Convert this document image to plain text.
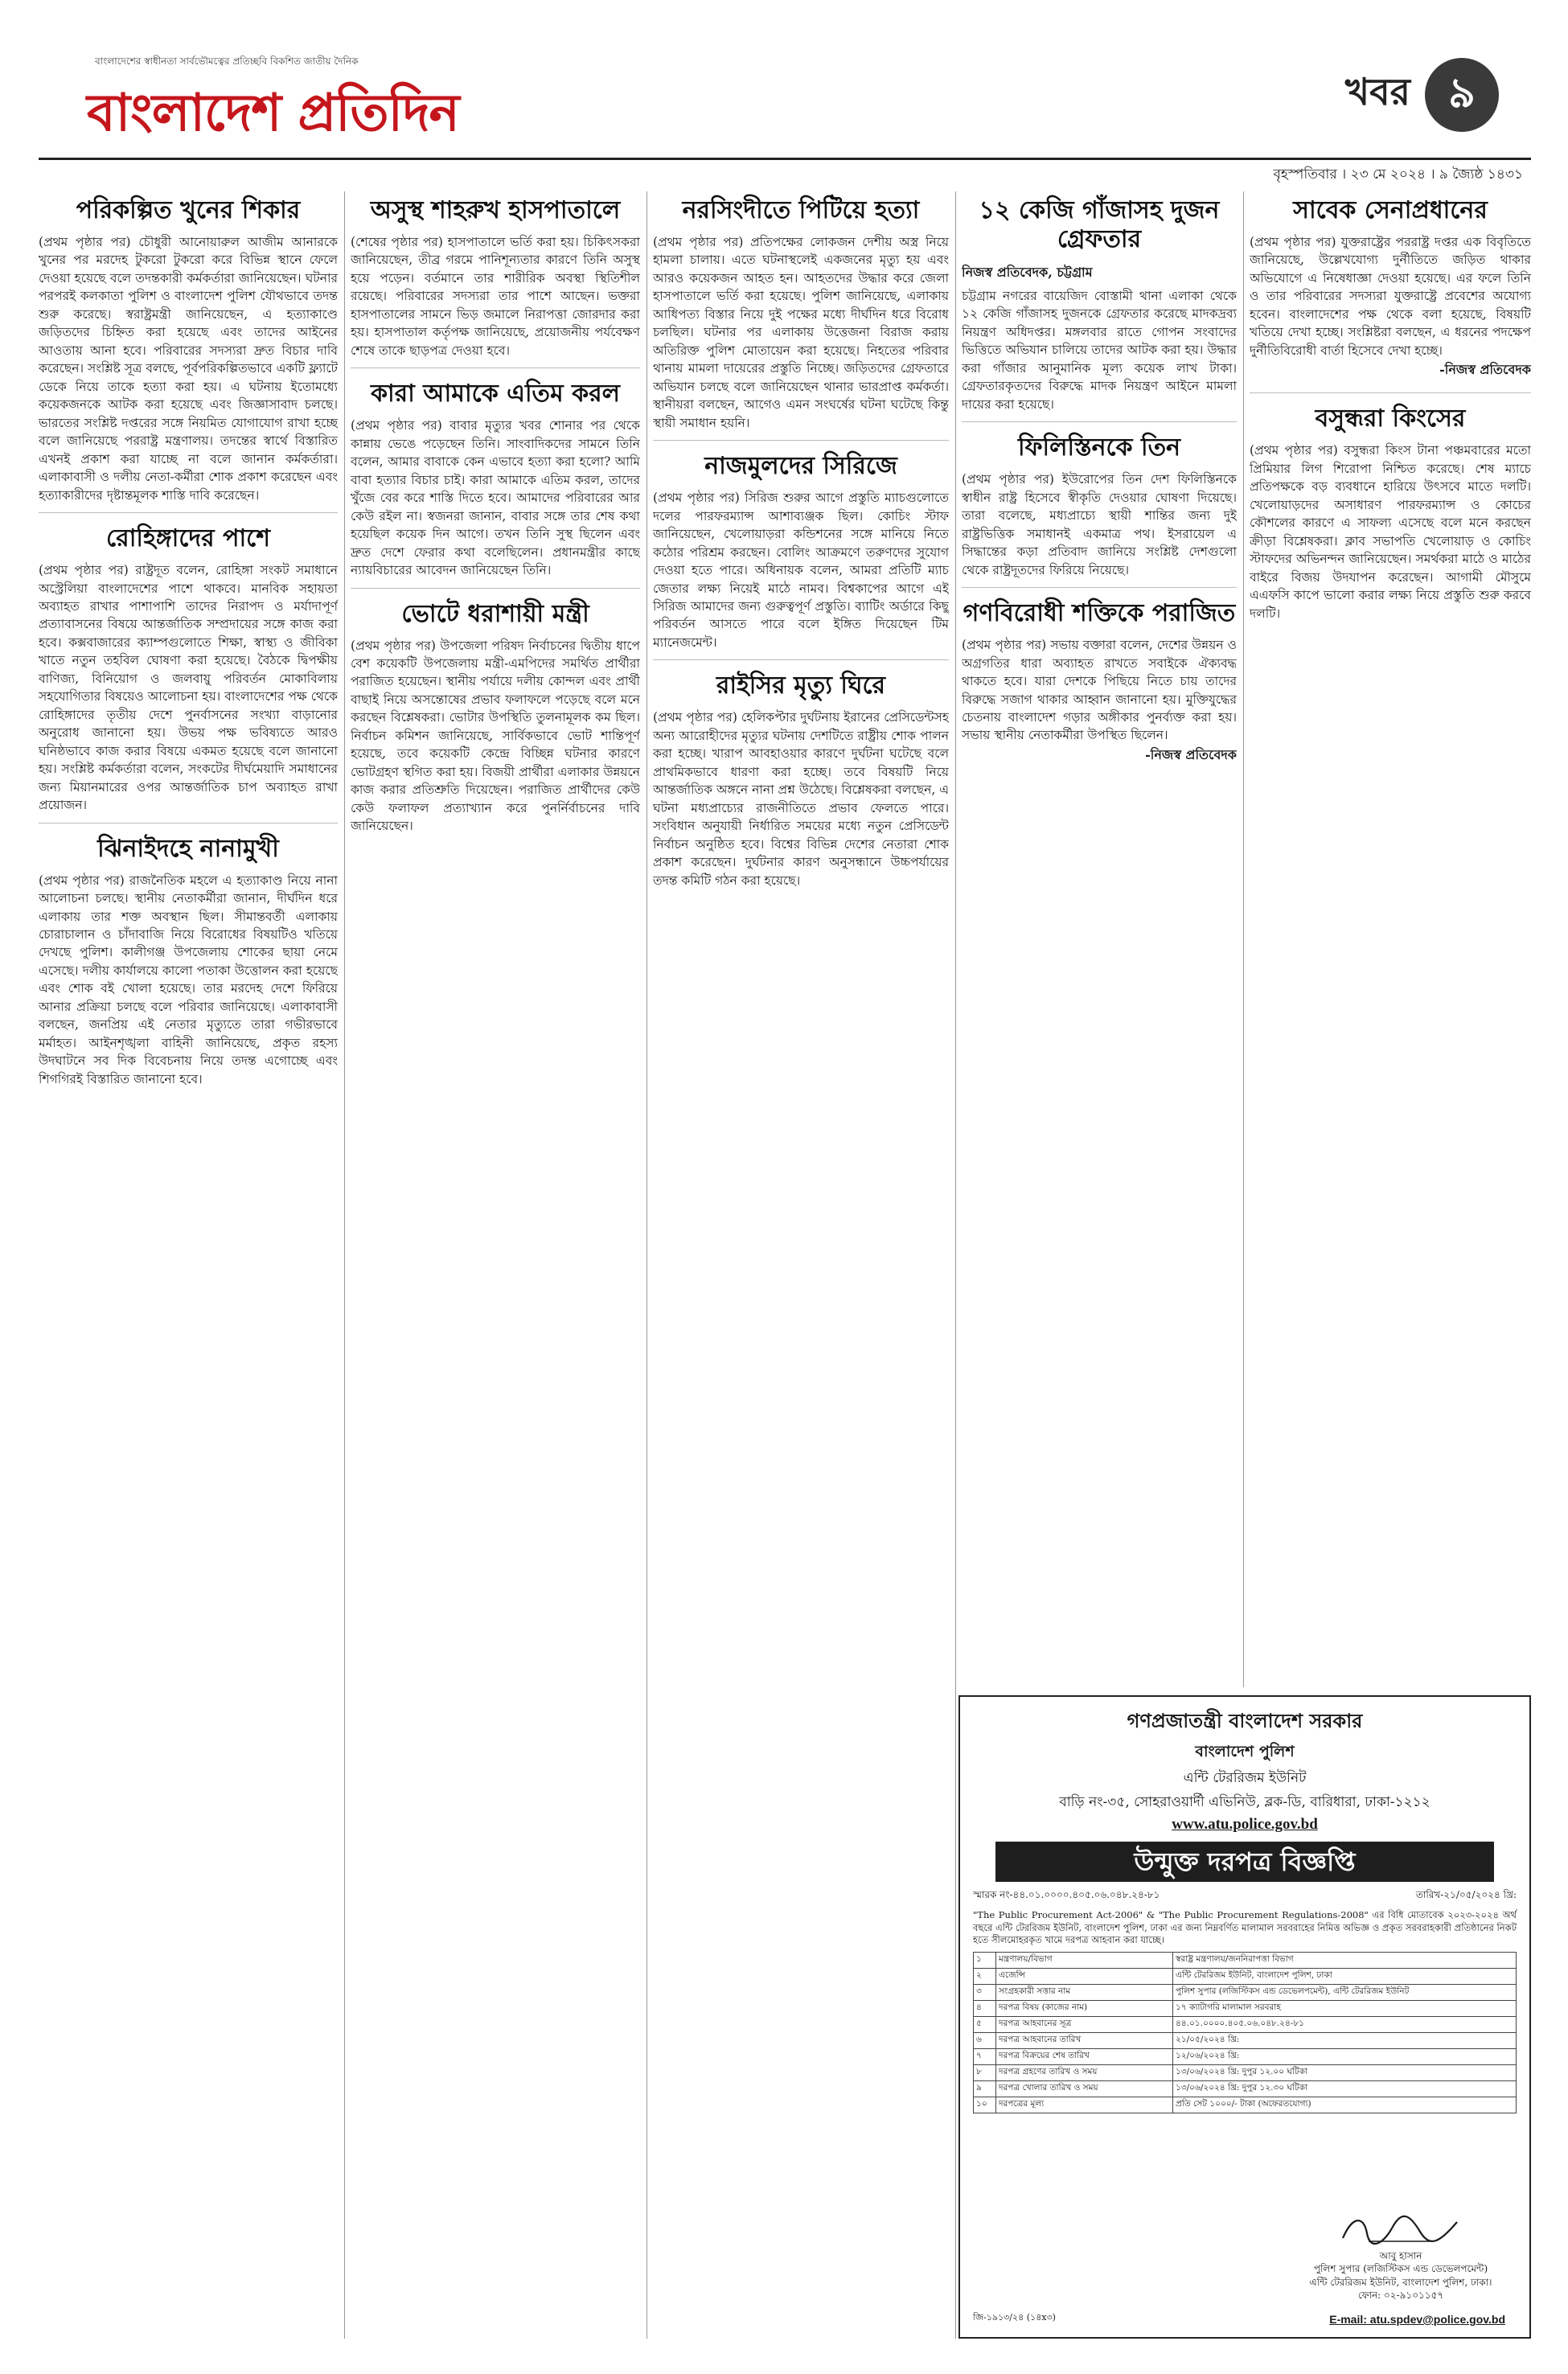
বাংলাদেশের স্বাধীনতা সার্বভৌমত্বের প্রতিচ্ছবি বিকশিত জাতীয় দৈনিক
বাংলাদেশ প্রতিদিন	খবর ৯
বৃহস্পতিবার । ২৩ মে ২০২৪ । ৯ জ্যৈষ্ঠ ১৪৩১
পরিকল্পিত খুনের শিকার
(প্রথম পৃষ্ঠার পর) চৌধুরী আনোয়ারুল আজীম আনারকে খুনের পর মরদেহ টুকরো টুকরো করে বিভিন্ন স্থানে ফেলে দেওয়া হয়েছে বলে তদন্তকারী কর্মকর্তারা জানিয়েছেন। ঘটনার পরপরই কলকাতা পুলিশ ও বাংলাদেশ পুলিশ যৌথভাবে তদন্ত শুরু করেছে। স্বরাষ্ট্রমন্ত্রী জানিয়েছেন, এ হত্যাকাণ্ডে জড়িতদের চিহ্নিত করা হয়েছে এবং তাদের আইনের আওতায় আনা হবে। পরিবারের সদস্যরা দ্রুত বিচার দাবি করেছেন। সংশ্লিষ্ট সূত্র বলছে, পূর্বপরিকল্পিতভাবে একটি ফ্ল্যাটে ডেকে নিয়ে তাকে হত্যা করা হয়। এ ঘটনায় ইতোমধ্যে কয়েকজনকে আটক করা হয়েছে এবং জিজ্ঞাসাবাদ চলছে। ভারতের সংশ্লিষ্ট দপ্তরের সঙ্গে নিয়মিত যোগাযোগ রাখা হচ্ছে বলে জানিয়েছে পররাষ্ট্র মন্ত্রণালয়। তদন্তের স্বার্থে বিস্তারিত এখনই প্রকাশ করা যাচ্ছে না বলে জানান কর্মকর্তারা। এলাকাবাসী ও দলীয় নেতা-কর্মীরা শোক প্রকাশ করেছেন এবং হত্যাকারীদের দৃষ্টান্তমূলক শাস্তি দাবি করেছেন।
রোহিঙ্গাদের পাশে
(প্রথম পৃষ্ঠার পর) রাষ্ট্রদূত বলেন, রোহিঙ্গা সংকট সমাধানে অস্ট্রেলিয়া বাংলাদেশের পাশে থাকবে। মানবিক সহায়তা অব্যাহত রাখার পাশাপাশি তাদের নিরাপদ ও মর্যাদাপূর্ণ প্রত্যাবাসনের বিষয়ে আন্তর্জাতিক সম্প্রদায়ের সঙ্গে কাজ করা হবে। কক্সবাজারের ক্যাম্পগুলোতে শিক্ষা, স্বাস্থ্য ও জীবিকা খাতে নতুন তহবিল ঘোষণা করা হয়েছে। বৈঠকে দ্বিপক্ষীয় বাণিজ্য, বিনিয়োগ ও জলবায়ু পরিবর্তন মোকাবিলায় সহযোগিতার বিষয়েও আলোচনা হয়। বাংলাদেশের পক্ষ থেকে রোহিঙ্গাদের তৃতীয় দেশে পুনর্বাসনের সংখ্যা বাড়ানোর অনুরোধ জানানো হয়। উভয় পক্ষ ভবিষ্যতে আরও ঘনিষ্ঠভাবে কাজ করার বিষয়ে একমত হয়েছে বলে জানানো হয়। সংশ্লিষ্ট কর্মকর্তারা বলেন, সংকটের দীর্ঘমেয়াদি সমাধানের জন্য মিয়ানমারের ওপর আন্তর্জাতিক চাপ অব্যাহত রাখা প্রয়োজন।
ঝিনাইদহে নানামুখী
(প্রথম পৃষ্ঠার পর) রাজনৈতিক মহলে এ হত্যাকাণ্ড নিয়ে নানা আলোচনা চলছে। স্থানীয় নেতাকর্মীরা জানান, দীর্ঘদিন ধরে এলাকায় তার শক্ত অবস্থান ছিল। সীমান্তবর্তী এলাকায় চোরাচালান ও চাঁদাবাজি নিয়ে বিরোধের বিষয়টিও খতিয়ে দেখছে পুলিশ। কালীগঞ্জ উপজেলায় শোকের ছায়া নেমে এসেছে। দলীয় কার্যালয়ে কালো পতাকা উত্তোলন করা হয়েছে এবং শোক বই খোলা হয়েছে। তার মরদেহ দেশে ফিরিয়ে আনার প্রক্রিয়া চলছে বলে পরিবার জানিয়েছে। এলাকাবাসী বলছেন, জনপ্রিয় এই নেতার মৃত্যুতে তারা গভীরভাবে মর্মাহত। আইনশৃঙ্খলা বাহিনী জানিয়েছে, প্রকৃত রহস্য উদঘাটনে সব দিক বিবেচনায় নিয়ে তদন্ত এগোচ্ছে এবং শিগগিরই বিস্তারিত জানানো হবে।
অসুস্থ শাহরুখ হাসপাতালে
(শেষের পৃষ্ঠার পর) হাসপাতালে ভর্তি করা হয়। চিকিৎসকরা জানিয়েছেন, তীব্র গরমে পানিশূন্যতার কারণে তিনি অসুস্থ হয়ে পড়েন। বর্তমানে তার শারীরিক অবস্থা স্থিতিশীল রয়েছে। পরিবারের সদস্যরা তার পাশে আছেন। ভক্তরা হাসপাতালের সামনে ভিড় জমালে নিরাপত্তা জোরদার করা হয়। হাসপাতাল কর্তৃপক্ষ জানিয়েছে, প্রয়োজনীয় পর্যবেক্ষণ শেষে তাকে ছাড়পত্র দেওয়া হবে।
কারা আমাকে এতিম করল
(প্রথম পৃষ্ঠার পর) বাবার মৃত্যুর খবর শোনার পর থেকে কান্নায় ভেঙে পড়েছেন তিনি। সাংবাদিকদের সামনে তিনি বলেন, আমার বাবাকে কেন এভাবে হত্যা করা হলো? আমি বাবা হত্যার বিচার চাই। কারা আমাকে এতিম করল, তাদের খুঁজে বের করে শাস্তি দিতে হবে। আমাদের পরিবারের আর কেউ রইল না। স্বজনরা জানান, বাবার সঙ্গে তার শেষ কথা হয়েছিল কয়েক দিন আগে। তখন তিনি সুস্থ ছিলেন এবং দ্রুত দেশে ফেরার কথা বলেছিলেন। প্রধানমন্ত্রীর কাছে ন্যায়বিচারের আবেদন জানিয়েছেন তিনি।
ভোটে ধরাশায়ী মন্ত্রী
(প্রথম পৃষ্ঠার পর) উপজেলা পরিষদ নির্বাচনের দ্বিতীয় ধাপে বেশ কয়েকটি উপজেলায় মন্ত্রী-এমপিদের সমর্থিত প্রার্থীরা পরাজিত হয়েছেন। স্থানীয় পর্যায়ে দলীয় কোন্দল এবং প্রার্থী বাছাই নিয়ে অসন্তোষের প্রভাব ফলাফলে পড়েছে বলে মনে করছেন বিশ্লেষকরা। ভোটার উপস্থিতি তুলনামূলক কম ছিল। নির্বাচন কমিশন জানিয়েছে, সার্বিকভাবে ভোট শান্তিপূর্ণ হয়েছে, তবে কয়েকটি কেন্দ্রে বিচ্ছিন্ন ঘটনার কারণে ভোটগ্রহণ স্থগিত করা হয়। বিজয়ী প্রার্থীরা এলাকার উন্নয়নে কাজ করার প্রতিশ্রুতি দিয়েছেন। পরাজিত প্রার্থীদের কেউ কেউ ফলাফল প্রত্যাখ্যান করে পুনর্নির্বাচনের দাবি জানিয়েছেন।
নরসিংদীতে পিটিয়ে হত্যা
(প্রথম পৃষ্ঠার পর) প্রতিপক্ষের লোকজন দেশীয় অস্ত্র নিয়ে হামলা চালায়। এতে ঘটনাস্থলেই একজনের মৃত্যু হয় এবং আরও কয়েকজন আহত হন। আহতদের উদ্ধার করে জেলা হাসপাতালে ভর্তি করা হয়েছে। পুলিশ জানিয়েছে, এলাকায় আধিপত্য বিস্তার নিয়ে দুই পক্ষের মধ্যে দীর্ঘদিন ধরে বিরোধ চলছিল। ঘটনার পর এলাকায় উত্তেজনা বিরাজ করায় অতিরিক্ত পুলিশ মোতায়েন করা হয়েছে। নিহতের পরিবার থানায় মামলা দায়েরের প্রস্তুতি নিচ্ছে। জড়িতদের গ্রেফতারে অভিযান চলছে বলে জানিয়েছেন থানার ভারপ্রাপ্ত কর্মকর্তা। স্থানীয়রা বলছেন, আগেও এমন সংঘর্ষের ঘটনা ঘটেছে কিন্তু স্থায়ী সমাধান হয়নি।
নাজমুলদের সিরিজে
(প্রথম পৃষ্ঠার পর) সিরিজ শুরুর আগে প্রস্তুতি ম্যাচগুলোতে দলের পারফরম্যান্স আশাব্যঞ্জক ছিল। কোচিং স্টাফ জানিয়েছেন, খেলোয়াড়রা কন্ডিশনের সঙ্গে মানিয়ে নিতে কঠোর পরিশ্রম করছেন। বোলিং আক্রমণে তরুণদের সুযোগ দেওয়া হতে পারে। অধিনায়ক বলেন, আমরা প্রতিটি ম্যাচ জেতার লক্ষ্য নিয়েই মাঠে নামব। বিশ্বকাপের আগে এই সিরিজ আমাদের জন্য গুরুত্বপূর্ণ প্রস্তুতি। ব্যাটিং অর্ডারে কিছু পরিবর্তন আসতে পারে বলে ইঙ্গিত দিয়েছেন টিম ম্যানেজমেন্ট।
রাইসির মৃত্যু ঘিরে
(প্রথম পৃষ্ঠার পর) হেলিকপ্টার দুর্ঘটনায় ইরানের প্রেসিডেন্টসহ অন্য আরোহীদের মৃত্যুর ঘটনায় দেশটিতে রাষ্ট্রীয় শোক পালন করা হচ্ছে। খারাপ আবহাওয়ার কারণে দুর্ঘটনা ঘটেছে বলে প্রাথমিকভাবে ধারণা করা হচ্ছে। তবে বিষয়টি নিয়ে আন্তর্জাতিক অঙ্গনে নানা প্রশ্ন উঠেছে। বিশ্লেষকরা বলছেন, এ ঘটনা মধ্যপ্রাচ্যের রাজনীতিতে প্রভাব ফেলতে পারে। সংবিধান অনুযায়ী নির্ধারিত সময়ের মধ্যে নতুন প্রেসিডেন্ট নির্বাচন অনুষ্ঠিত হবে। বিশ্বের বিভিন্ন দেশের নেতারা শোক প্রকাশ করেছেন। দুর্ঘটনার কারণ অনুসন্ধানে উচ্চপর্যায়ের তদন্ত কমিটি গঠন করা হয়েছে।
১২ কেজি গাঁজাসহ দুজন গ্রেফতার
নিজস্ব প্রতিবেদক, চট্টগ্রাম
চট্টগ্রাম নগরের বায়েজিদ বোস্তামী থানা এলাকা থেকে ১২ কেজি গাঁজাসহ দুজনকে গ্রেফতার করেছে মাদকদ্রব্য নিয়ন্ত্রণ অধিদপ্তর। মঙ্গলবার রাতে গোপন সংবাদের ভিত্তিতে অভিযান চালিয়ে তাদের আটক করা হয়। উদ্ধার করা গাঁজার আনুমানিক মূল্য কয়েক লাখ টাকা। গ্রেফতারকৃতদের বিরুদ্ধে মাদক নিয়ন্ত্রণ আইনে মামলা দায়ের করা হয়েছে।
ফিলিস্তিনকে তিন
(প্রথম পৃষ্ঠার পর) ইউরোপের তিন দেশ ফিলিস্তিনকে স্বাধীন রাষ্ট্র হিসেবে স্বীকৃতি দেওয়ার ঘোষণা দিয়েছে। তারা বলেছে, মধ্যপ্রাচ্যে স্থায়ী শান্তির জন্য দুই রাষ্ট্রভিত্তিক সমাধানই একমাত্র পথ। ইসরায়েল এ সিদ্ধান্তের কড়া প্রতিবাদ জানিয়ে সংশ্লিষ্ট দেশগুলো থেকে রাষ্ট্রদূতদের ফিরিয়ে নিয়েছে।
গণবিরোধী শক্তিকে পরাজিত
(প্রথম পৃষ্ঠার পর) সভায় বক্তারা বলেন, দেশের উন্নয়ন ও অগ্রগতির ধারা অব্যাহত রাখতে সবাইকে ঐক্যবদ্ধ থাকতে হবে। যারা দেশকে পিছিয়ে নিতে চায় তাদের বিরুদ্ধে সজাগ থাকার আহ্বান জানানো হয়। মুক্তিযুদ্ধের চেতনায় বাংলাদেশ গড়ার অঙ্গীকার পুনর্ব্যক্ত করা হয়। সভায় স্থানীয় নেতাকর্মীরা উপস্থিত ছিলেন।
-নিজস্ব প্রতিবেদক
সাবেক সেনাপ্রধানের
(প্রথম পৃষ্ঠার পর) যুক্তরাষ্ট্রের পররাষ্ট্র দপ্তর এক বিবৃতিতে জানিয়েছে, উল্লেখযোগ্য দুর্নীতিতে জড়িত থাকার অভিযোগে এ নিষেধাজ্ঞা দেওয়া হয়েছে। এর ফলে তিনি ও তার পরিবারের সদস্যরা যুক্তরাষ্ট্রে প্রবেশের অযোগ্য হবেন। বাংলাদেশের পক্ষ থেকে বলা হয়েছে, বিষয়টি খতিয়ে দেখা হচ্ছে। সংশ্লিষ্টরা বলছেন, এ ধরনের পদক্ষেপ দুর্নীতিবিরোধী বার্তা হিসেবে দেখা হচ্ছে।
-নিজস্ব প্রতিবেদক
বসুন্ধরা কিংসের
(প্রথম পৃষ্ঠার পর) বসুন্ধরা কিংস টানা পঞ্চমবারের মতো প্রিমিয়ার লিগ শিরোপা নিশ্চিত করেছে। শেষ ম্যাচে প্রতিপক্ষকে বড় ব্যবধানে হারিয়ে উৎসবে মাতে দলটি। খেলোয়াড়দের অসাধারণ পারফরম্যান্স ও কোচের কৌশলের কারণে এ সাফল্য এসেছে বলে মনে করছেন ক্রীড়া বিশ্লেষকরা। ক্লাব সভাপতি খেলোয়াড় ও কোচিং স্টাফদের অভিনন্দন জানিয়েছেন। সমর্থকরা মাঠে ও মাঠের বাইরে বিজয় উদযাপন করেছেন। আগামী মৌসুমে এএফসি কাপে ভালো করার লক্ষ্য নিয়ে প্রস্তুতি শুরু করবে দলটি।
গণপ্রজাতন্ত্রী বাংলাদেশ সরকার
বাংলাদেশ পুলিশ
এন্টি টেররিজম ইউনিট
বাড়ি নং-৩৫, সোহরাওয়ার্দী এভিনিউ, ব্লক-ডি, বারিধারা, ঢাকা-১২১২
www.atu.police.gov.bd
উন্মুক্ত দরপত্র বিজ্ঞপ্তি
স্মারক নং-৪৪.০১.০০০০.৪০৫.০৬.০৪৮.২৪-৮১	তারিখ-২১/০৫/২০২৪ খ্রি:
"The Public Procurement Act-2006" & "The Public Procurement Regulations-2008" এর বিধি মোতাবেক ২০২৩-২০২৪ অর্থ বছরে এন্টি টেররিজম ইউনিট, বাংলাদেশ পুলিশ, ঢাকা এর জন্য নিম্নবর্ণিত মালামাল সরবরাহের নিমিত্ত অভিজ্ঞ ও প্রকৃত সরবরাহকারী প্রতিষ্ঠানের নিকট হতে সীলমোহরকৃত খামে দরপত্র আহবান করা যাচ্ছে।
১	মন্ত্রণালয়/বিভাগ	স্বরাষ্ট্র মন্ত্রণালয়/জননিরাপত্তা বিভাগ
২	এজেন্সি	এন্টি টেররিজম ইউনিট, বাংলাদেশ পুলিশ, ঢাকা
৩	সংগ্রহকারী সত্তার নাম	পুলিশ সুপার (লজিস্টিকস এন্ড ডেভেলপমেন্ট), এন্টি টেররিজম ইউনিট
৪	দরপত্র বিষয় (কাজের নাম)	১৭ ক্যাটাগরি মালামাল সরবরাহ
৫	দরপত্র আহবানের সূত্র	৪৪.০১.০০০০.৪০৫.০৬.০৪৮.২৪-৮১
৬	দরপত্র আহবানের তারিখ	২১/০৫/২০২৪ খ্রি:
৭	দরপত্র বিক্রয়ের শেষ তারিখ	১২/০৬/২০২৪ খ্রি:
৮	দরপত্র গ্রহণের তারিখ ও সময়	১৩/০৬/২০২৪ খ্রি: দুপুর ১২.০০ ঘটিকা
৯	দরপত্র খোলার তারিখ ও সময়	১৩/০৬/২০২৪ খ্রি: দুপুর ১২.৩০ ঘটিকা
১০	দরপত্রের মূল্য	প্রতি সেট ১০০০/- টাকা (অফেরতযোগ্য)
আবু হাসান
পুলিশ সুপার (লজিস্টিকস এন্ড ডেভেলপমেন্ট)
এন্টি টেররিজম ইউনিট, বাংলাদেশ পুলিশ, ঢাকা।
ফোন: ০২-৯১০১১৫৭
জি-১৯১৩/২৪ (১৪x৩)	E-mail: atu.spdev@police.gov.bd
